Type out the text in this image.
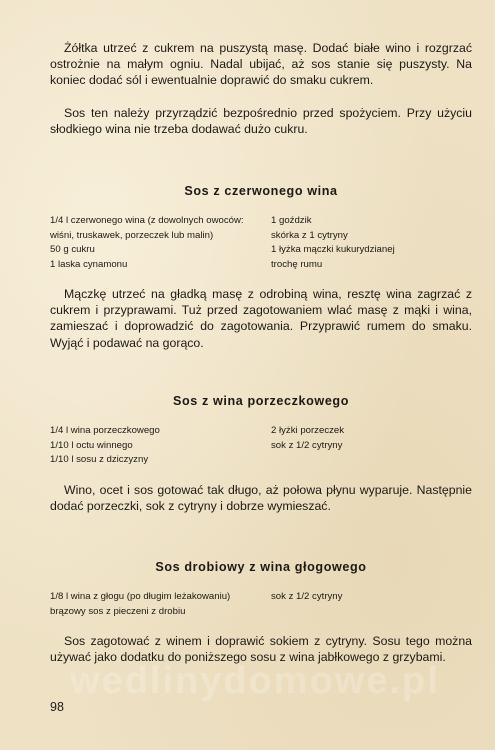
Żółtka utrzeć z cukrem na puszystą masę. Dodać białe wino i rozgrzać ostrożnie na małym ogniu. Nadal ubijać, aż sos stanie się puszysty. Na koniec dodać sól i ewentualnie doprawić do smaku cukrem.

Sos ten należy przyrządzić bezpośrednio przed spożyciem. Przy użyciu słodkiego wina nie trzeba dodawać dużo cukru.

Sos z czerwonego wina
1/4 l czerwonego wina (z dowolnych owoców:
wiśni, truskawek, porzeczek lub malin)
50 g cukru
1 laska cynamonu
1 goździk
skórka z 1 cytryny
1 łyżka mączki kukurydzianej
trochę rumu

Mączkę utrzeć na gładką masę z odrobiną wina, resztę wina zagrzać z cukrem i przyprawami. Tuż przed zagotowaniem wlać masę z mąki i wina, zamieszać i doprowadzić do zagotowania. Przyprawić rumem do smaku. Wyjąć i podawać na gorąco.

Sos z wina porzeczkowego
1/4 l wina porzeczkowego
1/10 l octu winnego
1/10 l sosu z dziczyzny
2 łyżki porzeczek
sok z 1/2 cytryny

Wino, ocet i sos gotować tak długo, aż połowa płynu wyparuje. Następnie dodać porzeczki, sok z cytryny i dobrze wymieszać.

Sos drobiowy z wina głogowego
1/8 l wina z głogu (po długim leżakowaniu)
brązowy sos z pieczeni z drobiu
sok z 1/2 cytryny

Sos zagotować z winem i doprawić sokiem z cytryny. Sosu tego można używać jako dodatku do poniższego sosu z wina jabłkowego z grzybami.

wedlinydomowe.pl
98
